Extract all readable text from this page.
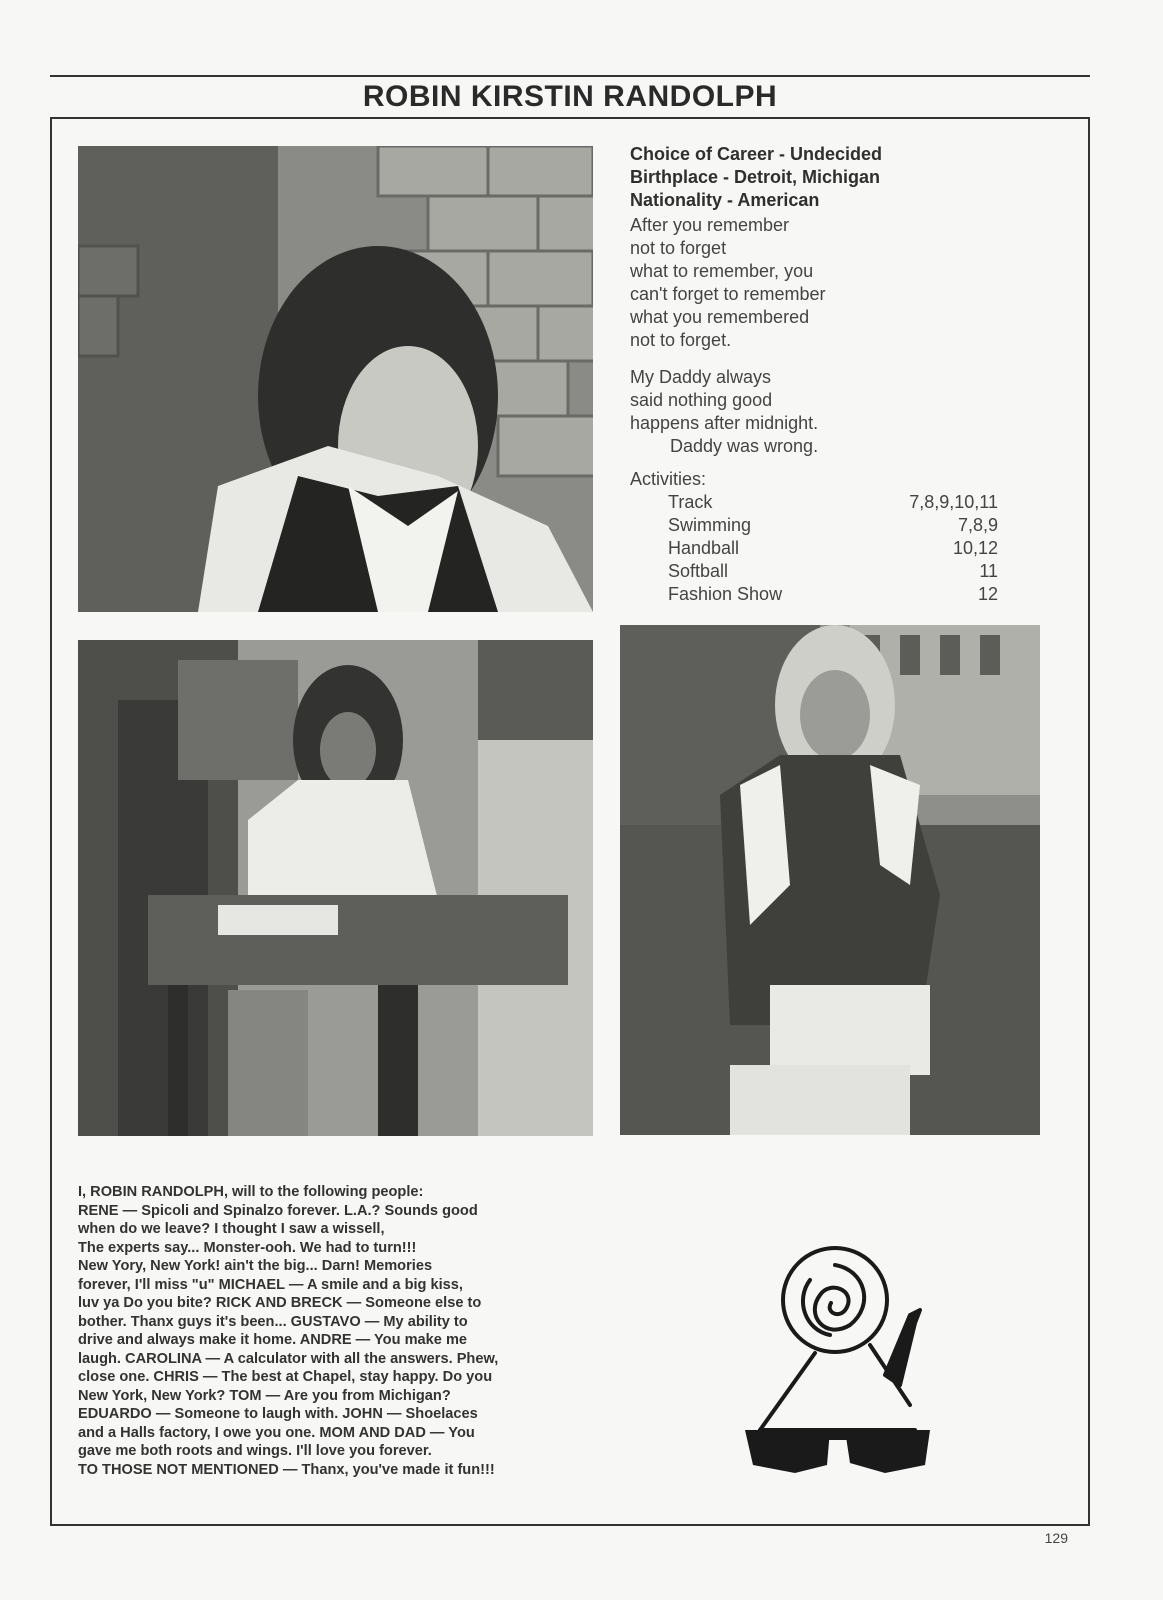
ROBIN KIRSTIN RANDOLPH
Choice of Career - Undecided
Birthplace - Detroit, Michigan
Nationality - American
After you remember
not to forget
what to remember, you
can't forget to remember
what you remembered
not to forget.
My Daddy always
said nothing good
happens after midnight.
Daddy was wrong.
Activities:
Track	7,8,9,10,11
Swimming	7,8,9
Handball	10,12
Softball	11
Fashion Show	12
I, ROBIN RANDOLPH, will to the following people:
RENE — Spicoli and Spinalzo forever. L.A.? Sounds good
when do we leave? I thought I saw a wissell,
The experts say... Monster-ooh. We had to turn!!!
New Yory, New York! ain't the big... Darn! Memories
forever, I'll miss "u" MICHAEL — A smile and a big kiss,
luv ya Do you bite? RICK AND BRECK — Someone else to
bother. Thanx guys it's been... GUSTAVO — My ability to
drive and always make it home. ANDRE — You make me
laugh. CAROLINA — A calculator with all the answers. Phew,
close one. CHRIS — The best at Chapel, stay happy. Do you
New York, New York? TOM — Are you from Michigan?
EDUARDO — Someone to laugh with. JOHN — Shoelaces
and a Halls factory, I owe you one. MOM AND DAD — You
gave me both roots and wings. I'll love you forever.
TO THOSE NOT MENTIONED — Thanx, you've made it fun!!!
129
